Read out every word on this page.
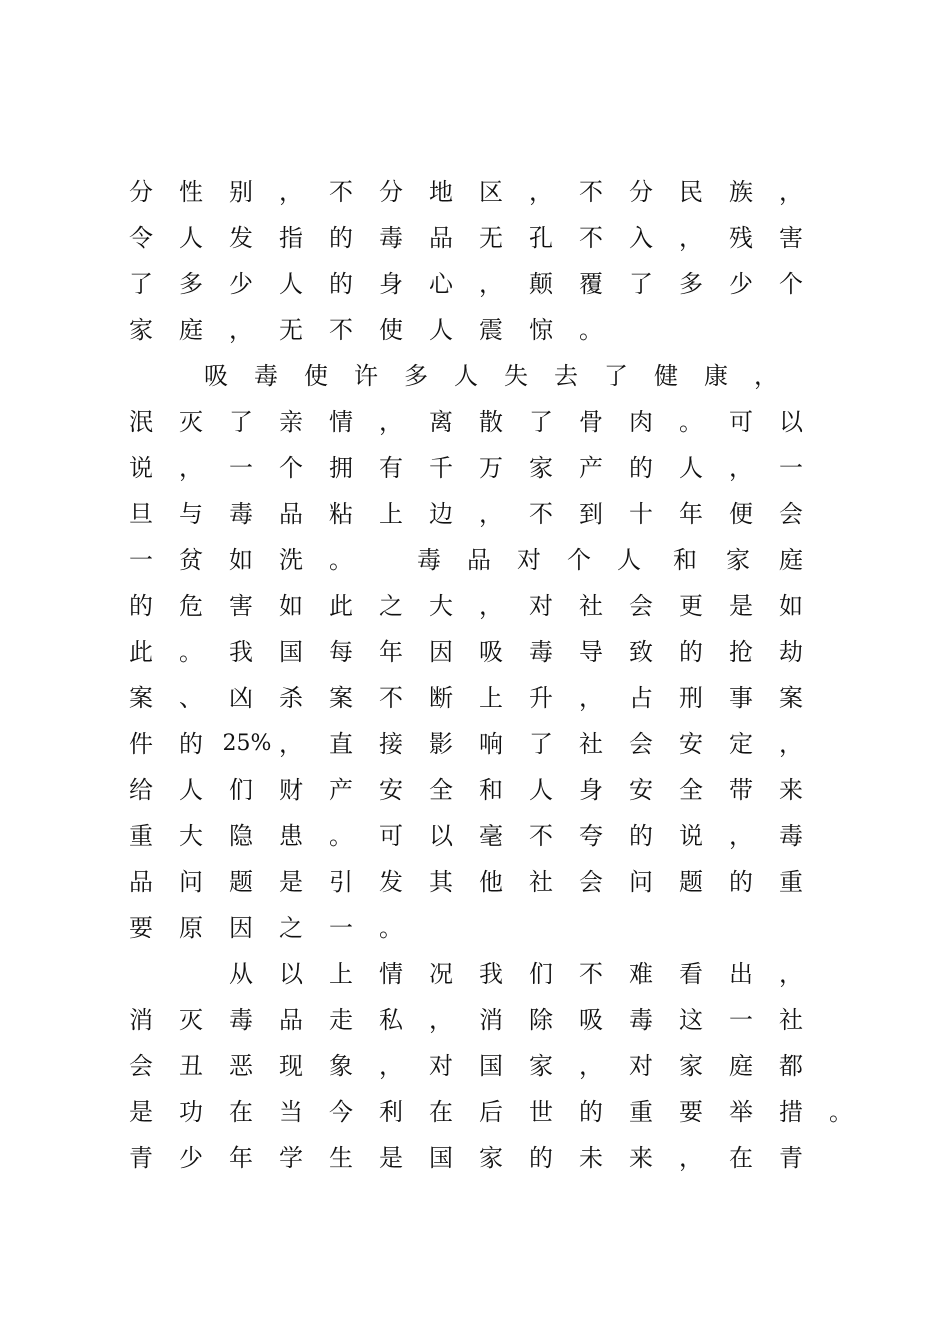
分	性	别	，	不	分	地	区	，	不	分	民	族	，
令	人	发	指	的	毒	品	无	孔	不	入	，	残	害
了	多	少	人	的	身	心	，	颠	覆	了	多	少	个
家	庭	，	无	不	使	人	震	惊	。
吸	毒	使	许	多	人	失	去	了	健	康	，
泯	灭	了	亲	情	，	离	散	了	骨	肉	。	可	以
说	，	一	个	拥	有	千	万	家	产	的	人	，	一
旦	与	毒	品	粘	上	边	，	不	到	十	年	便	会
一	贫	如	洗	。	毒	品	对	个	人	和	家	庭
的	危	害	如	此	之	大	，	对	社	会	更	是	如
此	。	我	国	每	年	因	吸	毒	导	致	的	抢	劫
案	、	凶	杀	案	不	断	上	升	，	占	刑	事	案
件	的 25% ，	直	接	影	响	了	社	会	安	定	，
给	人	们	财	产	安	全	和	人	身	安	全	带	来
重	大	隐	患	。	可	以	毫	不	夸	的	说	，	毒
品	问	题	是	引	发	其	他	社	会	问	题	的	重
要	原	因	之	一	。
从	以	上	情	况	我	们	不	难	看	出	，
消	灭	毒	品	走	私	，	消	除	吸	毒	这	一	社
会	丑	恶	现	象	，	对	国	家	，	对	家	庭	都
是	功	在	当	今	利	在	后	世	的	重	要	举	措	。
青	少	年	学	生	是	国	家	的	未	来	，	在	青
